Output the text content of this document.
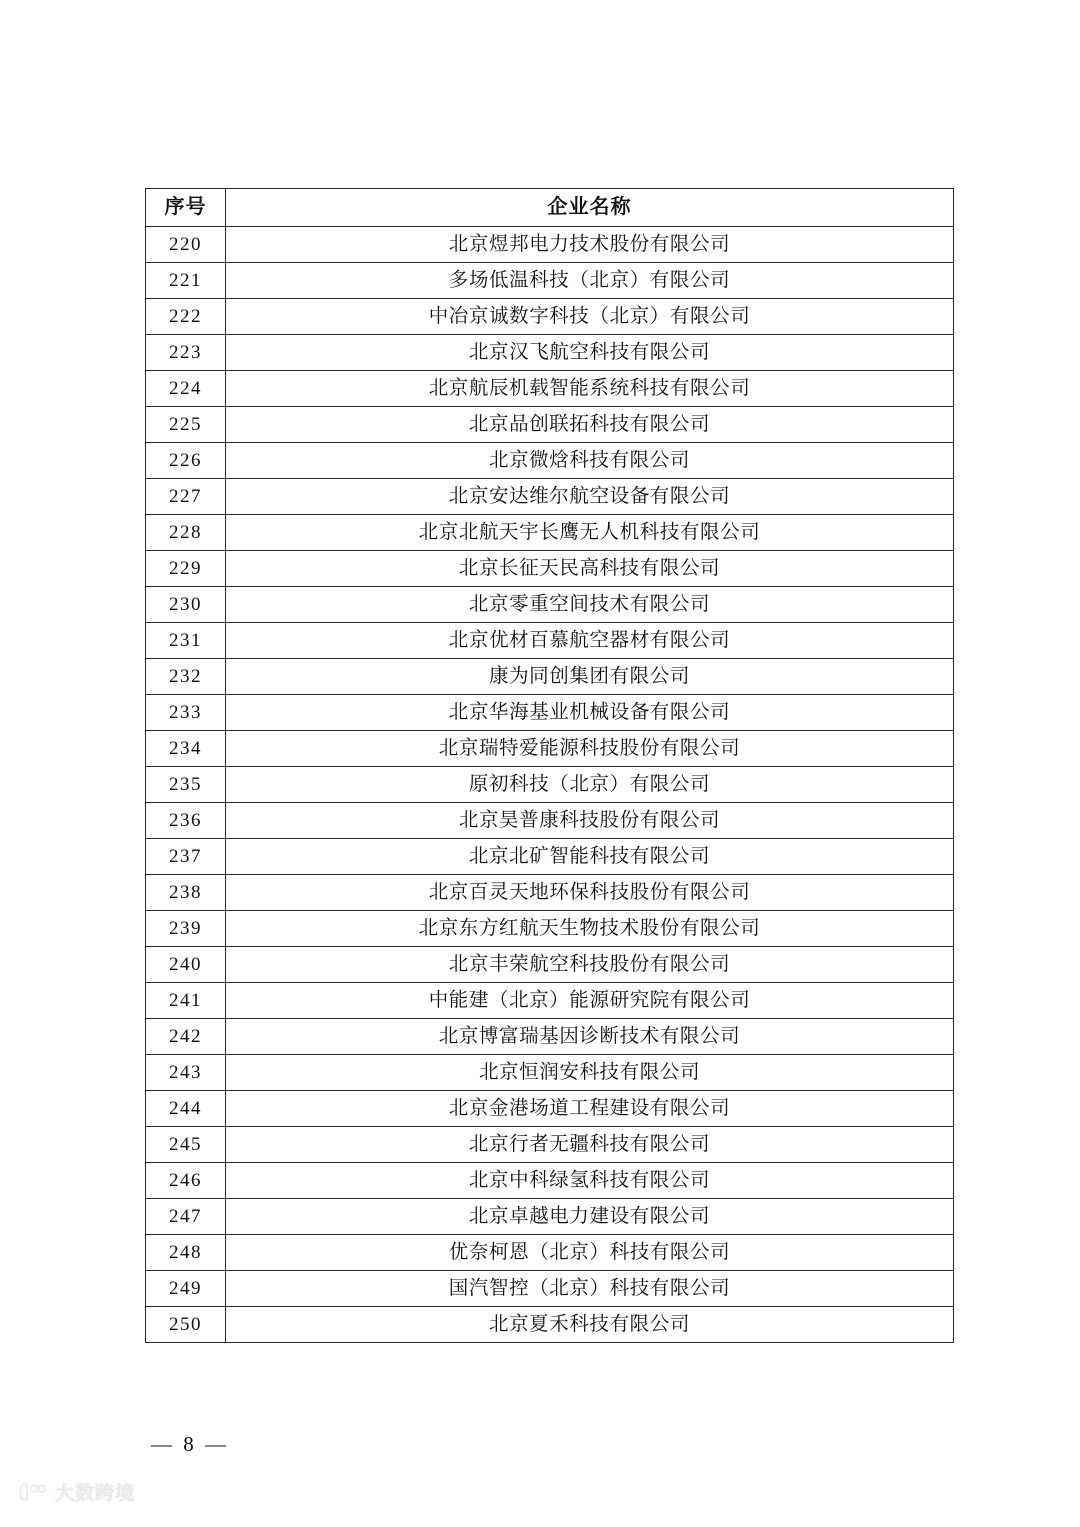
序号	企业名称
220	北京煜邦电力技术股份有限公司
221	多场低温科技（北京）有限公司
222	中冶京诚数字科技（北京）有限公司
223	北京汉飞航空科技有限公司
224	北京航辰机载智能系统科技有限公司
225	北京品创联拓科技有限公司
226	北京微焓科技有限公司
227	北京安达维尔航空设备有限公司
228	北京北航天宇长鹰无人机科技有限公司
229	北京长征天民高科技有限公司
230	北京零重空间技术有限公司
231	北京优材百慕航空器材有限公司
232	康为同创集团有限公司
233	北京华海基业机械设备有限公司
234	北京瑞特爱能源科技股份有限公司
235	原初科技（北京）有限公司
236	北京昊普康科技股份有限公司
237	北京北矿智能科技有限公司
238	北京百灵天地环保科技股份有限公司
239	北京东方红航天生物技术股份有限公司
240	北京丰荣航空科技股份有限公司
241	中能建（北京）能源研究院有限公司
242	北京博富瑞基因诊断技术有限公司
243	北京恒润安科技有限公司
244	北京金港场道工程建设有限公司
245	北京行者无疆科技有限公司
246	北京中科绿氢科技有限公司
247	北京卓越电力建设有限公司
248	优奈柯恩（北京）科技有限公司
249	国汽智控（北京）科技有限公司
250	北京夏禾科技有限公司
— 8 —
大数跨境
